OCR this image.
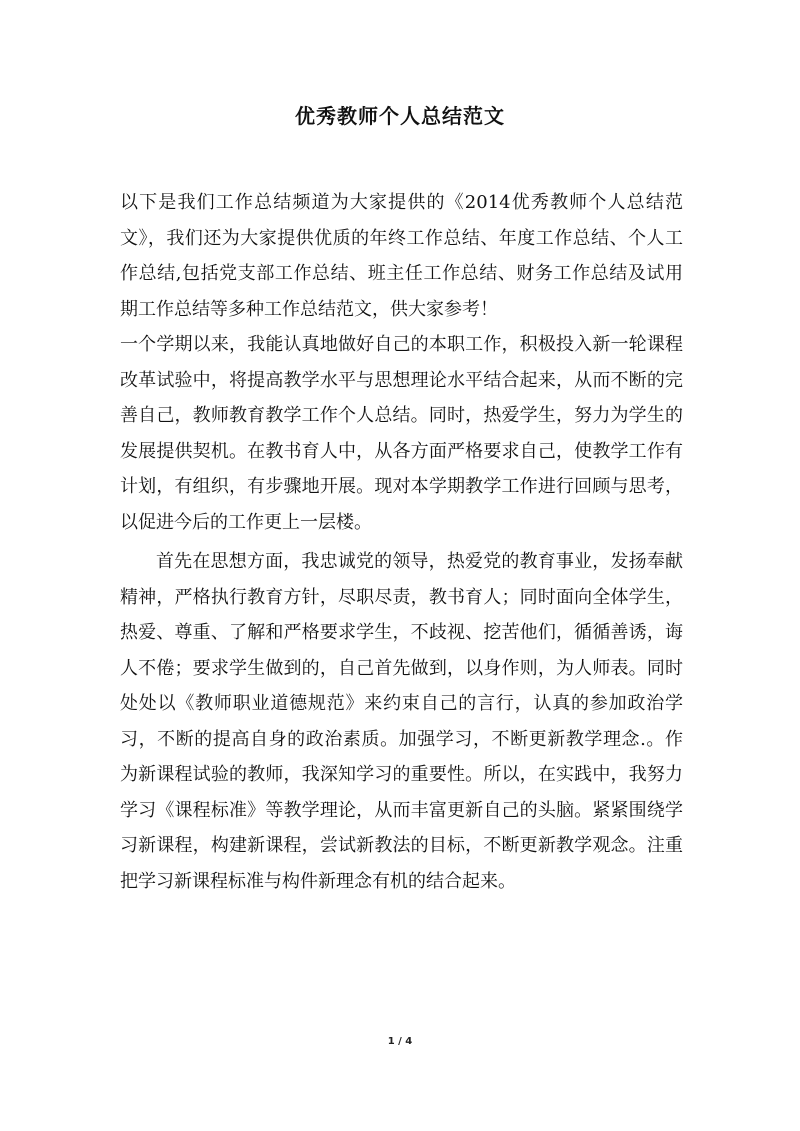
优秀教师个人总结范文

以下是我们工作总结频道为大家提供的《2014优秀教师个人总结范文》，我们还为大家提供优质的年终工作总结、年度工作总结、个人工作总结,包括党支部工作总结、班主任工作总结、财务工作总结及试用期工作总结等多种工作总结范文，供大家参考！

一个学期以来，我能认真地做好自己的本职工作，积极投入新一轮课程改革试验中，将提高教学水平与思想理论水平结合起来，从而不断的完善自己，教师教育教学工作个人总结。同时，热爱学生，努力为学生的发展提供契机。在教书育人中，从各方面严格要求自己，使教学工作有计划，有组织，有步骤地开展。现对本学期教学工作进行回顾与思考，以促进今后的工作更上一层楼。

首先在思想方面，我忠诚党的领导，热爱党的教育事业，发扬奉献精神，严格执行教育方针，尽职尽责，教书育人；同时面向全体学生，热爱、尊重、了解和严格要求学生，不歧视、挖苦他们，循循善诱，诲人不倦；要求学生做到的，自己首先做到，以身作则，为人师表。同时处处以《教师职业道德规范》来约束自己的言行，认真的参加政治学习，不断的提高自身的政治素质。加强学习，不断更新教学理念.。作为新课程试验的教师，我深知学习的重要性。所以，在实践中，我努力学习《课程标准》等教学理论，从而丰富更新自己的头脑。紧紧围绕学习新课程，构建新课程，尝试新教法的目标，不断更新教学观念。注重把学习新课程标准与构件新理念有机的结合起来。

1 / 4
